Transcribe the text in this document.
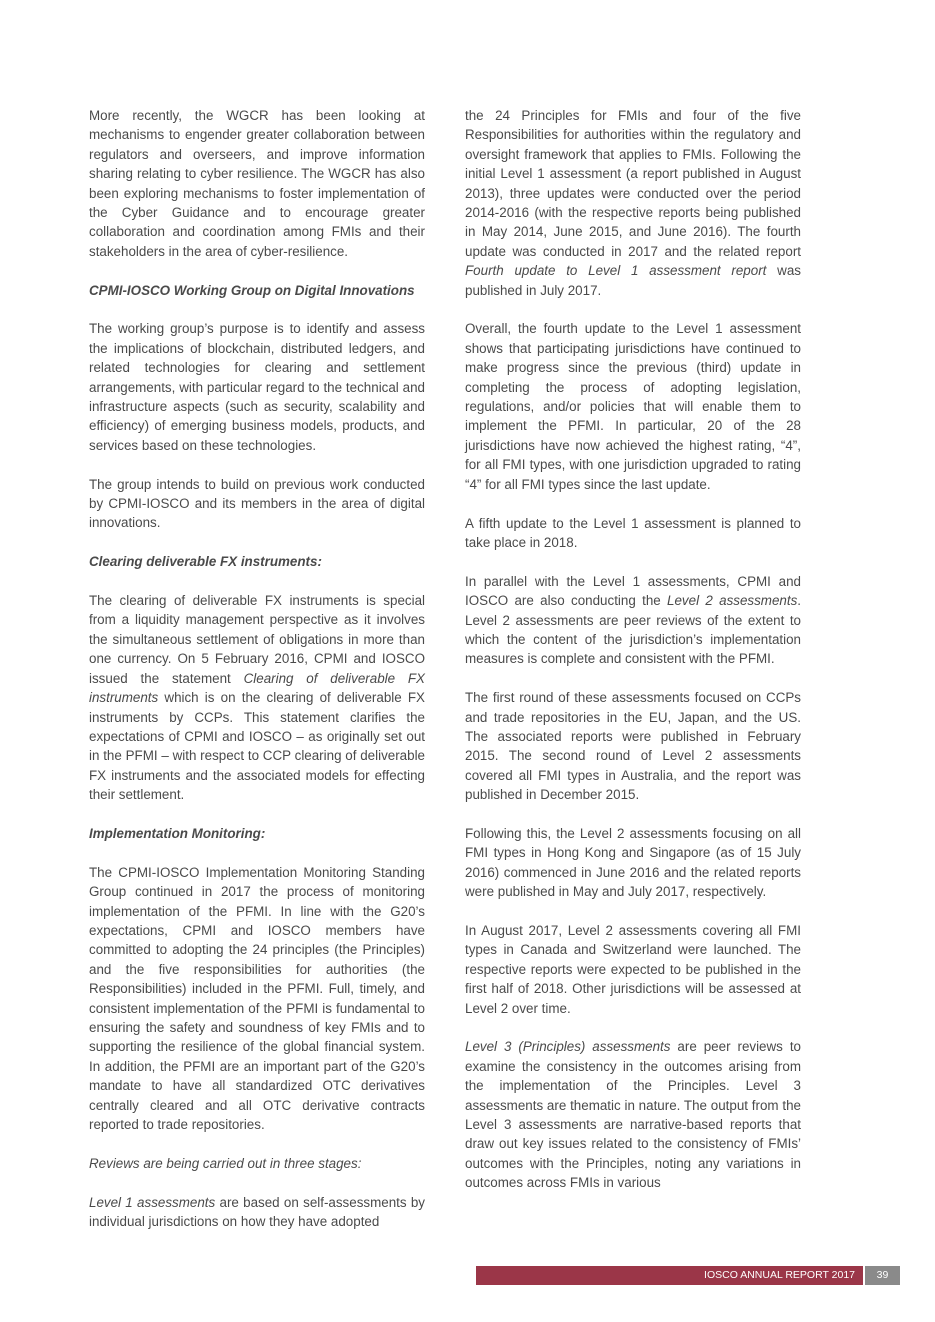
More recently, the WGCR has been looking at mechanisms to engender greater collaboration between regulators and overseers, and improve information sharing relating to cyber resilience. The WGCR has also been exploring mechanisms to foster implementation of the Cyber Guidance and to encourage greater collaboration and coordination among FMIs and their stakeholders in the area of cyber-resilience.

CPMI-IOSCO Working Group on Digital Innovations

The working group’s purpose is to identify and assess the implications of blockchain, distributed ledgers, and related technologies for clearing and settlement arrangements, with particular regard to the technical and infrastructure aspects (such as security, scalability and efficiency) of emerging business models, products, and services based on these technologies.

The group intends to build on previous work conducted by CPMI-IOSCO and its members in the area of digital innovations.

Clearing deliverable FX instruments:

The clearing of deliverable FX instruments is special from a liquidity management perspective as it involves the simultaneous settlement of obligations in more than one currency. On 5 February 2016, CPMI and IOSCO issued the statement Clearing of deliverable FX instruments which is on the clearing of deliverable FX instruments by CCPs. This statement clarifies the expectations of CPMI and IOSCO – as originally set out in the PFMI – with respect to CCP clearing of deliverable FX instruments and the associated models for effecting their settlement.

Implementation Monitoring:

The CPMI-IOSCO Implementation Monitoring Standing Group continued in 2017 the process of monitoring implementation of the PFMI. In line with the G20’s expectations, CPMI and IOSCO members have committed to adopting the 24 principles (the Principles) and the five responsibilities for authorities (the Responsibilities) included in the PFMI. Full, timely, and consistent implementation of the PFMI is fundamental to ensuring the safety and soundness of key FMIs and to supporting the resilience of the global financial system. In addition, the PFMI are an important part of the G20’s mandate to have all standardized OTC derivatives centrally cleared and all OTC derivative contracts reported to trade repositories.

Reviews are being carried out in three stages:

Level 1 assessments are based on self-assessments by individual jurisdictions on how they have adopted

the 24 Principles for FMIs and four of the five Responsibilities for authorities within the regulatory and oversight framework that applies to FMIs. Following the initial Level 1 assessment (a report published in August 2013), three updates were conducted over the period 2014-2016 (with the respective reports being published in May 2014, June 2015, and June 2016). The fourth update was conducted in 2017 and the related report Fourth update to Level 1 assessment report was published in July 2017.

Overall, the fourth update to the Level 1 assessment shows that participating jurisdictions have continued to make progress since the previous (third) update in completing the process of adopting legislation, regulations, and/or policies that will enable them to implement the PFMI. In particular, 20 of the 28 jurisdictions have now achieved the highest rating, “4”, for all FMI types, with one jurisdiction upgraded to rating “4” for all FMI types since the last update.

A fifth update to the Level 1 assessment is planned to take place in 2018.

In parallel with the Level 1 assessments, CPMI and IOSCO are also conducting the Level 2 assessments. Level 2 assessments are peer reviews of the extent to which the content of the jurisdiction’s implementation measures is complete and consistent with the PFMI.

The first round of these assessments focused on CCPs and trade repositories in the EU, Japan, and the US. The associated reports were published in February 2015. The second round of Level 2 assessments covered all FMI types in Australia, and the report was published in December 2015.

Following this, the Level 2 assessments focusing on all FMI types in Hong Kong and Singapore (as of 15 July 2016) commenced in June 2016 and the related reports were published in May and July 2017, respectively.

In August 2017, Level 2 assessments covering all FMI types in Canada and Switzerland were launched. The respective reports were expected to be published in the first half of 2018. Other jurisdictions will be assessed at Level 2 over time.

Level 3 (Principles) assessments are peer reviews to examine the consistency in the outcomes arising from the implementation of the Principles. Level 3 assessments are thematic in nature. The output from the Level 3 assessments are narrative-based reports that draw out key issues related to the consistency of FMIs’ outcomes with the Principles, noting any variations in outcomes across FMIs in various

IOSCO ANNUAL REPORT 2017	39
